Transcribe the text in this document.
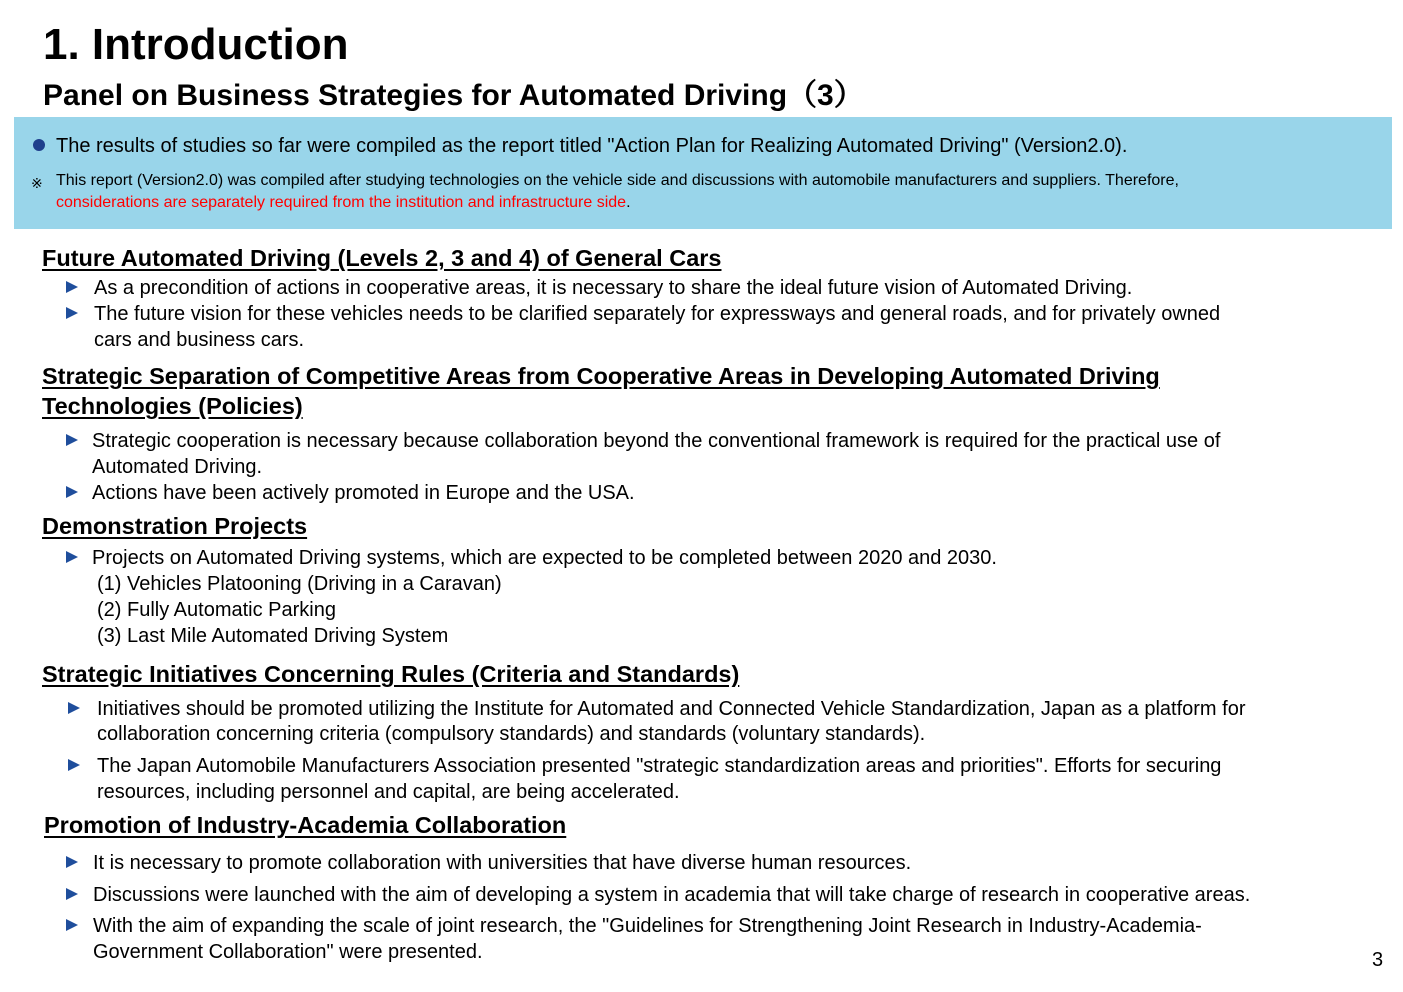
1. Introduction
Panel on Business Strategies for Automated Driving（3）
The results of studies so far were compiled as the report titled "Action Plan for Realizing Automated Driving" (Version2.0).
※ This report (Version2.0) was compiled after studying technologies on the vehicle side and discussions with automobile manufacturers and suppliers. Therefore,
considerations are separately required from the institution and infrastructure side.
Future Automated Driving (Levels 2, 3 and 4) of General Cars
As a precondition of actions in cooperative areas, it is necessary to share the ideal future vision of Automated Driving.
The future vision for these vehicles needs to be clarified separately for expressways and general roads, and for privately owned
cars and business cars.
Strategic Separation of Competitive Areas from Cooperative Areas in Developing Automated Driving
Technologies (Policies)
Strategic cooperation is necessary because collaboration beyond the conventional framework is required for the practical use of
Automated Driving.
Actions have been actively promoted in Europe and the USA.
Demonstration Projects
Projects on Automated Driving systems, which are expected to be completed between 2020 and 2030.
(1) Vehicles Platooning (Driving in a Caravan)
(2) Fully Automatic Parking
(3) Last Mile Automated Driving System
Strategic Initiatives Concerning Rules (Criteria and Standards)
Initiatives should be promoted utilizing the Institute for Automated and Connected Vehicle Standardization, Japan as a platform for
collaboration concerning criteria (compulsory standards) and standards (voluntary standards).
The Japan Automobile Manufacturers Association presented "strategic standardization areas and priorities". Efforts for securing
resources, including personnel and capital, are being accelerated.
Promotion of Industry-Academia Collaboration
It is necessary to promote collaboration with universities that have diverse human resources.
Discussions were launched with the aim of developing a system in academia that will take charge of research in cooperative areas.
With the aim of expanding the scale of joint research, the "Guidelines for Strengthening Joint Research in Industry-Academia-
Government Collaboration" were presented.	3
